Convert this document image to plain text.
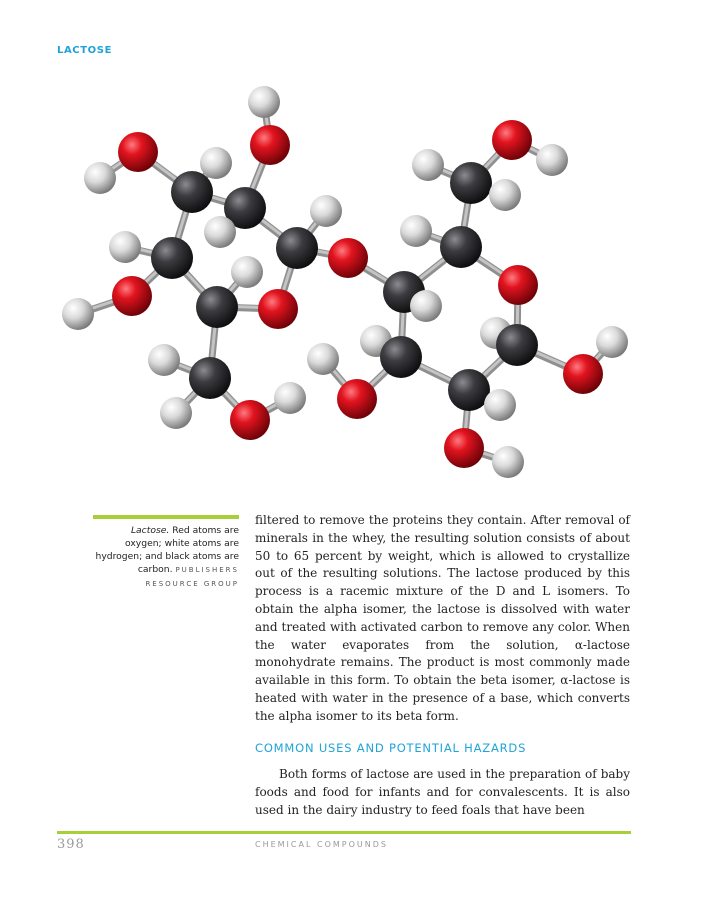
LACTOSE
Lactose. Red atoms are oxygen; white atoms are hydrogen; and black atoms are carbon. PUBLISHERS RESOURCE GROUP

filtered to remove the proteins they contain. After removal of minerals in the whey, the resulting solution consists of about 50 to 65 percent by weight, which is allowed to crystallize out of the resulting solutions. The lactose produced by this process is a racemic mixture of the D and L isomers. To obtain the alpha isomer, the lactose is dissolved with water and treated with activated carbon to remove any color. When the water evaporates from the solution, α-lactose monohydrate remains. The product is most commonly made available in this form. To obtain the beta isomer, α-lactose is heated with water in the presence of a base, which converts the alpha isomer to its beta form.

COMMON USES AND POTENTIAL HAZARDS

Both forms of lactose are used in the preparation of baby foods and food for infants and for convalescents. It is also used in the dairy industry to feed foals that have been

398	CHEMICAL COMPOUNDS
